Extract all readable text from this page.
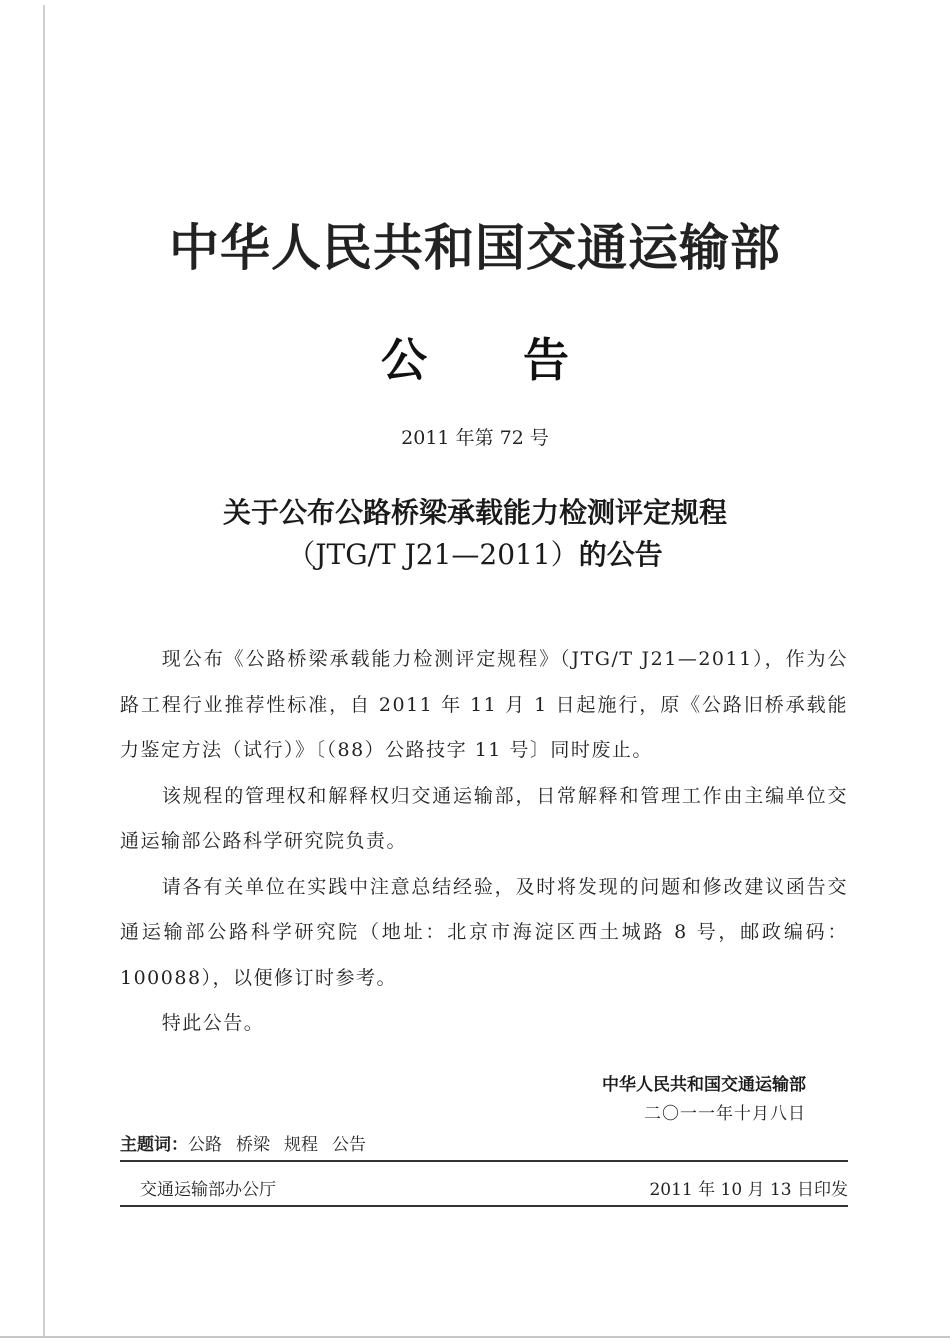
中华人民共和国交通运输部
公 告
2011 年第 72 号
关于公布公路桥梁承载能力检测评定规程
（JTG/T J21—2011）的公告

现公布《公路桥梁承载能力检测评定规程》（JTG/T J21—2011），作为公路工程行业推荐性标准，自 2011 年 11 月 1 日起施行，原《公路旧桥承载能力鉴定方法（试行）》〔（88）公路技字 11 号〕同时废止。

该规程的管理权和解释权归交通运输部，日常解释和管理工作由主编单位交通运输部公路科学研究院负责。

请各有关单位在实践中注意总结经验，及时将发现的问题和修改建议函告交通运输部公路科学研究院（地址：北京市海淀区西土城路 8 号，邮政编码：100088），以便修订时参考。

特此公告。

中华人民共和国交通运输部
二〇一一年十月八日
主题词：公路 桥梁 规程 公告
交通运输部办公厅	2011 年 10 月 13 日印发
